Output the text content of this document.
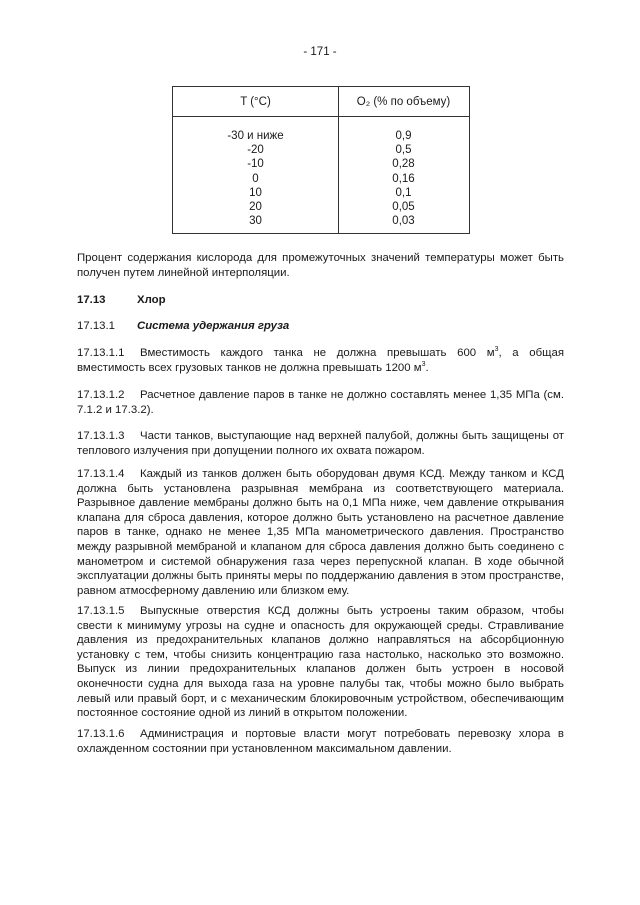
- 171 -
T (°C)	O₂ (% по объему)
-30 и ниже
-20
-10
0
10
20
30
0,9
0,5
0,28
0,16
0,1
0,05
0,03
Процент содержания кислорода для промежуточных значений температуры может быть получен путем линейной интерполяции.
17.13	Хлор
17.13.1 Система удержания груза
17.13.1.1 Вместимость каждого танка не должна превышать 600 $м^3$, а общая вместимость всех грузовых танков не должна превышать 1200 $м^3$.
17.13.1.2 Расчетное давление паров в танке не должно составлять менее 1,35 МПа (см. 7.1.2 и 17.3.2).
17.13.1.3 Части танков, выступающие над верхней палубой, должны быть защищены от теплового излучения при допущении полного их охвата пожаром.
17.13.1.4 Каждый из танков должен быть оборудован двумя КСД. Между танком и КСД должна быть установлена разрывная мембрана из соответствующего материала. Разрывное давление мембраны должно быть на 0,1 МПа ниже, чем давление открывания клапана для сброса давления, которое должно быть установлено на расчетное давление паров в танке, однако не менее 1,35 МПа манометрического давления. Пространство между разрывной мембраной и клапаном для сброса давления должно быть соединено с манометром и системой обнаружения газа через перепускной клапан. В ходе обычной эксплуатации должны быть приняты меры по поддержанию давления в этом пространстве, равном атмосферному давлению или близком ему.
17.13.1.5 Выпускные отверстия КСД должны быть устроены таким образом, чтобы свести к минимуму угрозы на судне и опасность для окружающей среды. Стравливание давления из предохранительных клапанов должно направляться на абсорбционную установку с тем, чтобы снизить концентрацию газа настолько, насколько это возможно. Выпуск из линии предохранительных клапанов должен быть устроен в носовой оконечности судна для выхода газа на уровне палубы так, чтобы можно было выбрать левый или правый борт, и с механическим блокировочным устройством, обеспечивающим постоянное состояние одной из линий в открытом положении.
17.13.1.6 Администрация и портовые власти могут потребовать перевозку хлора в охлажденном состоянии при установленном максимальном давлении.
